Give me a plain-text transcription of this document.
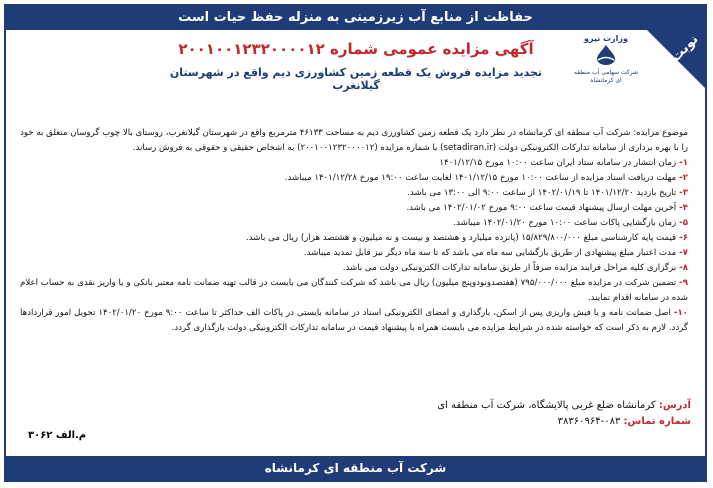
حفاظت از منابع آب زیرزمینی به منزله حفظ حیات است
نوبت اول
وزارت نیرو
شرکت سهامی آب منطقه ای کرمانشاه
آگهی مزایده عمومی شماره ۲۰۰۱۰۰۱۲۳۲۰۰۰۰۱۲
تجدید مزایده فروش یک قطعه زمین کشاورزی دیم واقع در شهرستان گیلانغرب

موضوع مزایده: شرکت آب منطقه ای کرمانشاه در نظر دارد یک قطعه زمین کشاورزی دیم به مساحت ۴۶۱۳۳ مترمربع واقع در شهرستان گیلانغرب، روستای بالا چوب گروسان متعلق به خود را با بهره برداری از سامانه تدارکات الکترونیکی دولت (setadiran.ir) با شماره مزایده (۲۰۰۱۰۰۱۲۳۲۰۰۰۰۱۲) به اشخاص حقیقی و حقوقی به فروش رساند.

۱-زمان انتشار در سامانه ستاد ایران ساعت ۱۰:۰۰ مورخ ۱۴۰۱/۱۲/۱۵

۲-مهلت دریافت اسناد مزایده از ساعت ۱۰:۰۰ مورخ ۱۴۰۱/۱۲/۱۵ لغایت ساعت ۱۹:۰۰ مورخ ۱۴۰۱/۱۲/۲۸ میباشد.

۳-تاریخ بازدید ۱۴۰۱/۱۲/۲۰ تا ۱۴۰۲/۰۱/۱۹ از ساعت ۹:۰۰ الی ۱۳:۰۰ می باشد.

۴-آخرین مهلت ارسال پیشنهاد قیمت ساعت ۹:۰۰ مورخ ۱۴۰۲/۰۱/۰۲ می باشد.

۵-زمان بازگشایی پاکات ساعت ۱۰:۰۰ مورخ ۱۴۰۲/۰۱/۲۰ میباشد.

۶-قیمت پایه کارشناسی مبلغ ۱۵/۸۲۹/۸۰۰/۰۰۰ (پانزده میلیارد و هشتصد و بیست و نه میلیون و هشتصد هزار) ریال می باشد.

۷-مدت اعتبار مبلغ پیشنهادی از طریق بازگشایی سه ماه می باشد که تا سه ماه دیگر نیز قابل تمدید میباشد.

۸-برگزاری کلیه مراحل فرایند مزایده صرفاً از طریق سامانه تدارکات الکترونیکی دولت می باشد.

۹-تضمین شرکت در مزایده مبلغ ۷۹۵/۰۰۰/۰۰۰ (هفتصدونودوپنج میلیون) ریال می باشد که شرکت کنندگان می بایست در قالب تهیه ضمانت نامه معتبر بانکی و یا واریز نقدی به حساب اعلام شده در سامانه اقدام نمایند.

۱۰-اصل ضمانت نامه و یا فیش واریزی پس از اسکن، بارگذاری و امضای الکترونیکی اسناد در سامانه بایستی در پاکات الف حداکثر تا ساعت ۹:۰۰ مورخ ۱۴۰۲/۰۱/۲۰ تحویل امور قراردادها گردد. لازم به ذکر است که خواسته شده در شرایط مزایده می بایست همراه با پیشنهاد قیمت در سامانه تدارکات الکترونیکی دولت بارگذاری گردد.

آدرس: کرمانشاه ضلع غربی پالایشگاه، شرکت آب منطقه ای
شماره تماس: ۰۸۳-۳۸۳۶۰۹۶۴
م.الف ۳۰۶۲
شرکت آب منطقه ای کرمانشاه
